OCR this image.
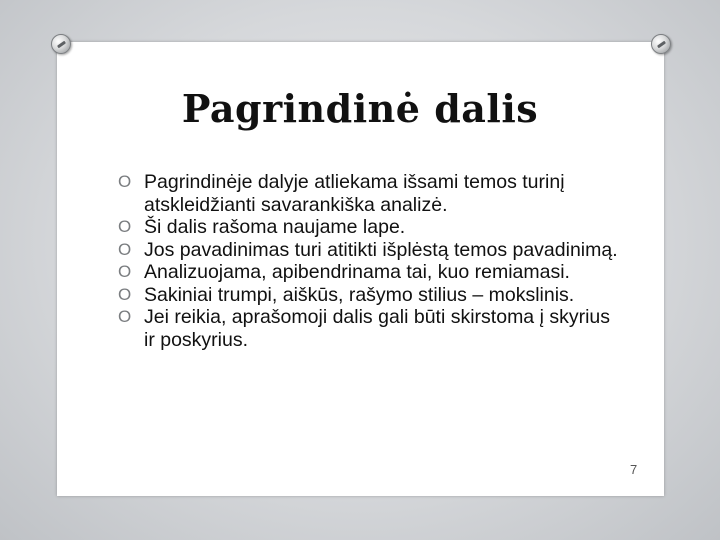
Pagrindinė dalis
O Pagrindinėje dalyje atliekama išsami temos turinį atskleidžianti savarankiška analizė.
O Ši dalis rašoma naujame lape.
O Jos pavadinimas turi atitikti išplėstą temos pavadinimą.
O Analizuojama, apibendrinama tai, kuo remiamasi.
O Sakiniai trumpi, aiškūs, rašymo stilius – mokslinis.
O Jei reikia, aprašomoji dalis gali būti skirstoma į skyrius ir poskyrius.
7
